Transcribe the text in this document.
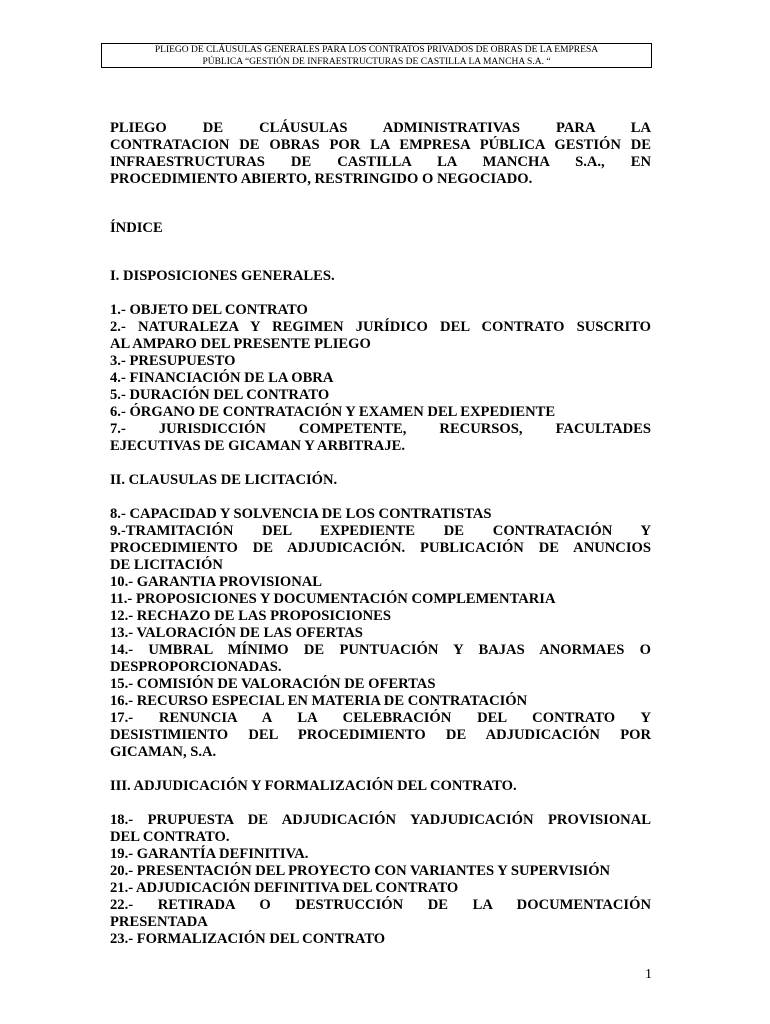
PLIEGO DE CLÁUSULAS GENERALES PARA LOS CONTRATOS PRIVADOS DE OBRAS DE LA EMPRESA
PÚBLICA “GESTIÓN DE INFRAESTRUCTURAS DE CASTILLA LA MANCHA S.A. “

PLIEGO DE CLÁUSULAS ADMINISTRATIVAS PARA LA
CONTRATACION DE OBRAS POR LA EMPRESA PÚBLICA GESTIÓN DE
INFRAESTRUCTURAS DE CASTILLA LA MANCHA S.A., EN
PROCEDIMIENTO ABIERTO, RESTRINGIDO O NEGOCIADO.

ÍNDICE

I. DISPOSICIONES GENERALES.

1.- OBJETO DEL CONTRATO
2.- NATURALEZA Y REGIMEN JURÍDICO DEL CONTRATO SUSCRITO
AL AMPARO DEL PRESENTE PLIEGO
3.- PRESUPUESTO
4.- FINANCIACIÓN DE LA OBRA
5.- DURACIÓN DEL CONTRATO
6.- ÓRGANO DE CONTRATACIÓN Y EXAMEN DEL EXPEDIENTE
7.- JURISDICCIÓN COMPETENTE, RECURSOS, FACULTADES
EJECUTIVAS DE GICAMAN Y ARBITRAJE.

II. CLAUSULAS DE LICITACIÓN.

8.- CAPACIDAD Y SOLVENCIA DE LOS CONTRATISTAS
9.-TRAMITACIÓN DEL EXPEDIENTE DE CONTRATACIÓN Y
PROCEDIMIENTO DE ADJUDICACIÓN. PUBLICACIÓN DE ANUNCIOS
DE LICITACIÓN
10.- GARANTIA PROVISIONAL
11.- PROPOSICIONES Y DOCUMENTACIÓN COMPLEMENTARIA
12.- RECHAZO DE LAS PROPOSICIONES
13.- VALORACIÓN DE LAS OFERTAS
14.- UMBRAL MÍNIMO DE PUNTUACIÓN Y BAJAS ANORMAES O
DESPROPORCIONADAS.
15.- COMISIÓN DE VALORACIÓN DE OFERTAS
16.- RECURSO ESPECIAL EN MATERIA DE CONTRATACIÓN
17.- RENUNCIA A LA CELEBRACIÓN DEL CONTRATO Y
DESISTIMIENTO DEL PROCEDIMIENTO DE ADJUDICACIÓN POR
GICAMAN, S.A.

III. ADJUDICACIÓN Y FORMALIZACIÓN DEL CONTRATO.

18.- PRUPUESTA DE ADJUDICACIÓN YADJUDICACIÓN PROVISIONAL
DEL CONTRATO.
19.- GARANTÍA DEFINITIVA.
20.- PRESENTACIÓN DEL PROYECTO CON VARIANTES Y SUPERVISIÓN
21.- ADJUDICACIÓN DEFINITIVA DEL CONTRATO
22.- RETIRADA O DESTRUCCIÓN DE LA DOCUMENTACIÓN
PRESENTADA
23.- FORMALIZACIÓN DEL CONTRATO
1
